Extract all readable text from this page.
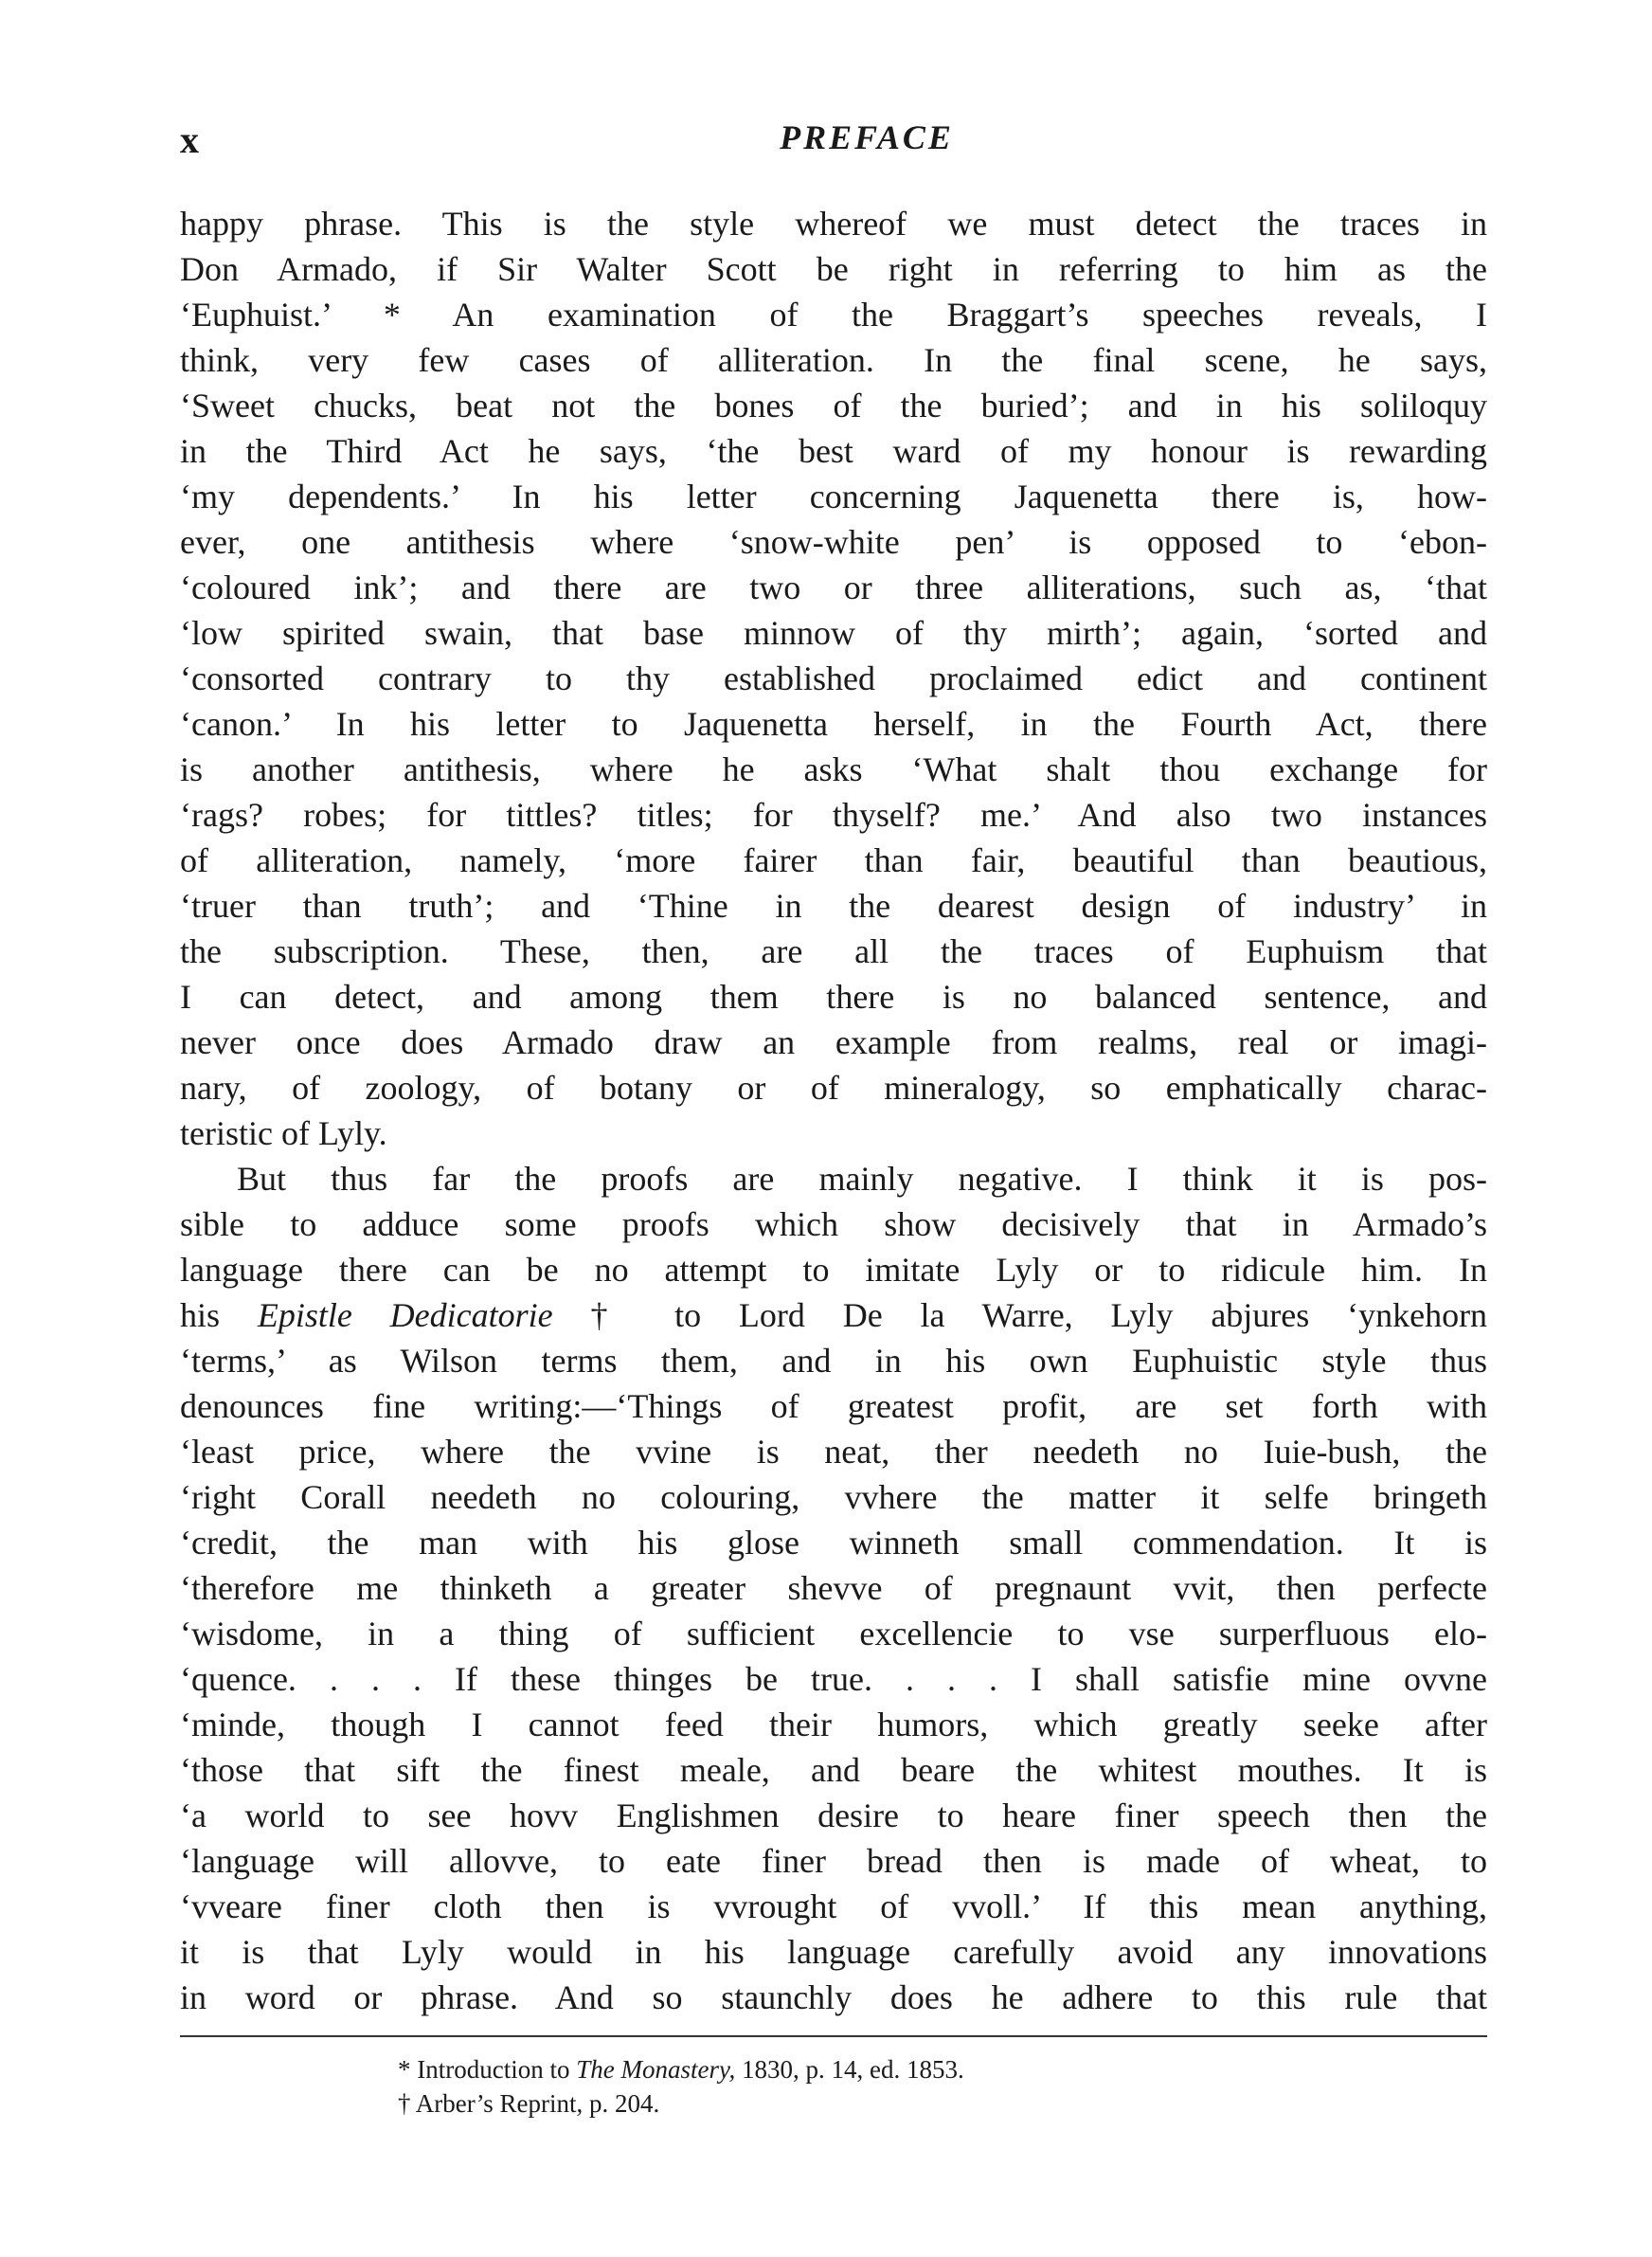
x	PREFACE
happy phrase. This is the style whereof we must detect the traces in
Don Armado, if Sir Walter Scott be right in referring to him as the
‘Euphuist.’ * An examination of the Braggart’s speeches reveals, I
think, very few cases of alliteration. In the final scene, he says,
‘Sweet chucks, beat not the bones of the buried’; and in his soliloquy
in the Third Act he says, ‘the best ward of my honour is rewarding
‘my dependents.’ In his letter concerning Jaquenetta there is, how-
ever, one antithesis where ‘snow-white pen’ is opposed to ‘ebon-
‘coloured ink’; and there are two or three alliterations, such as, ‘that
‘low spirited swain, that base minnow of thy mirth’; again, ‘sorted and
‘consorted contrary to thy established proclaimed edict and continent
‘canon.’ In his letter to Jaquenetta herself, in the Fourth Act, there
is another antithesis, where he asks ‘What shalt thou exchange for
‘rags? robes; for tittles? titles; for thyself? me.’ And also two instances
of alliteration, namely, ‘more fairer than fair, beautiful than beautious,
‘truer than truth’; and ‘Thine in the dearest design of industry’ in
the subscription. These, then, are all the traces of Euphuism that
I can detect, and among them there is no balanced sentence, and
never once does Armado draw an example from realms, real or imagi-
nary, of zoology, of botany or of mineralogy, so emphatically charac-
teristic of Lyly.
But thus far the proofs are mainly negative. I think it is pos-
sible to adduce some proofs which show decisively that in Armado’s
language there can be no attempt to imitate Lyly or to ridicule him. In
his Epistle Dedicatorie † to Lord De la Warre, Lyly abjures ‘ynkehorn
‘terms,’ as Wilson terms them, and in his own Euphuistic style thus
denounces fine writing:—‘Things of greatest profit, are set forth with
‘least price, where the vvine is neat, ther needeth no Iuie-bush, the
‘right Corall needeth no colouring, vvhere the matter it selfe bringeth
‘credit, the man with his glose winneth small commendation. It is
‘therefore me thinketh a greater shevve of pregnaunt vvit, then perfecte
‘wisdome, in a thing of sufficient excellencie to vse surperfluous elo-
‘quence. . . . If these thinges be true. . . . I shall satisfie mine ovvne
‘minde, though I cannot feed their humors, which greatly seeke after
‘those that sift the finest meale, and beare the whitest mouthes. It is
‘a world to see hovv Englishmen desire to heare finer speech then the
‘language will allovve, to eate finer bread then is made of wheat, to
‘vveare finer cloth then is vvrought of vvoll.’ If this mean anything,
it is that Lyly would in his language carefully avoid any innovations
in word or phrase. And so staunchly does he adhere to this rule that
* Introduction to The Monastery, 1830, p. 14, ed. 1853.
† Arber’s Reprint, p. 204.
